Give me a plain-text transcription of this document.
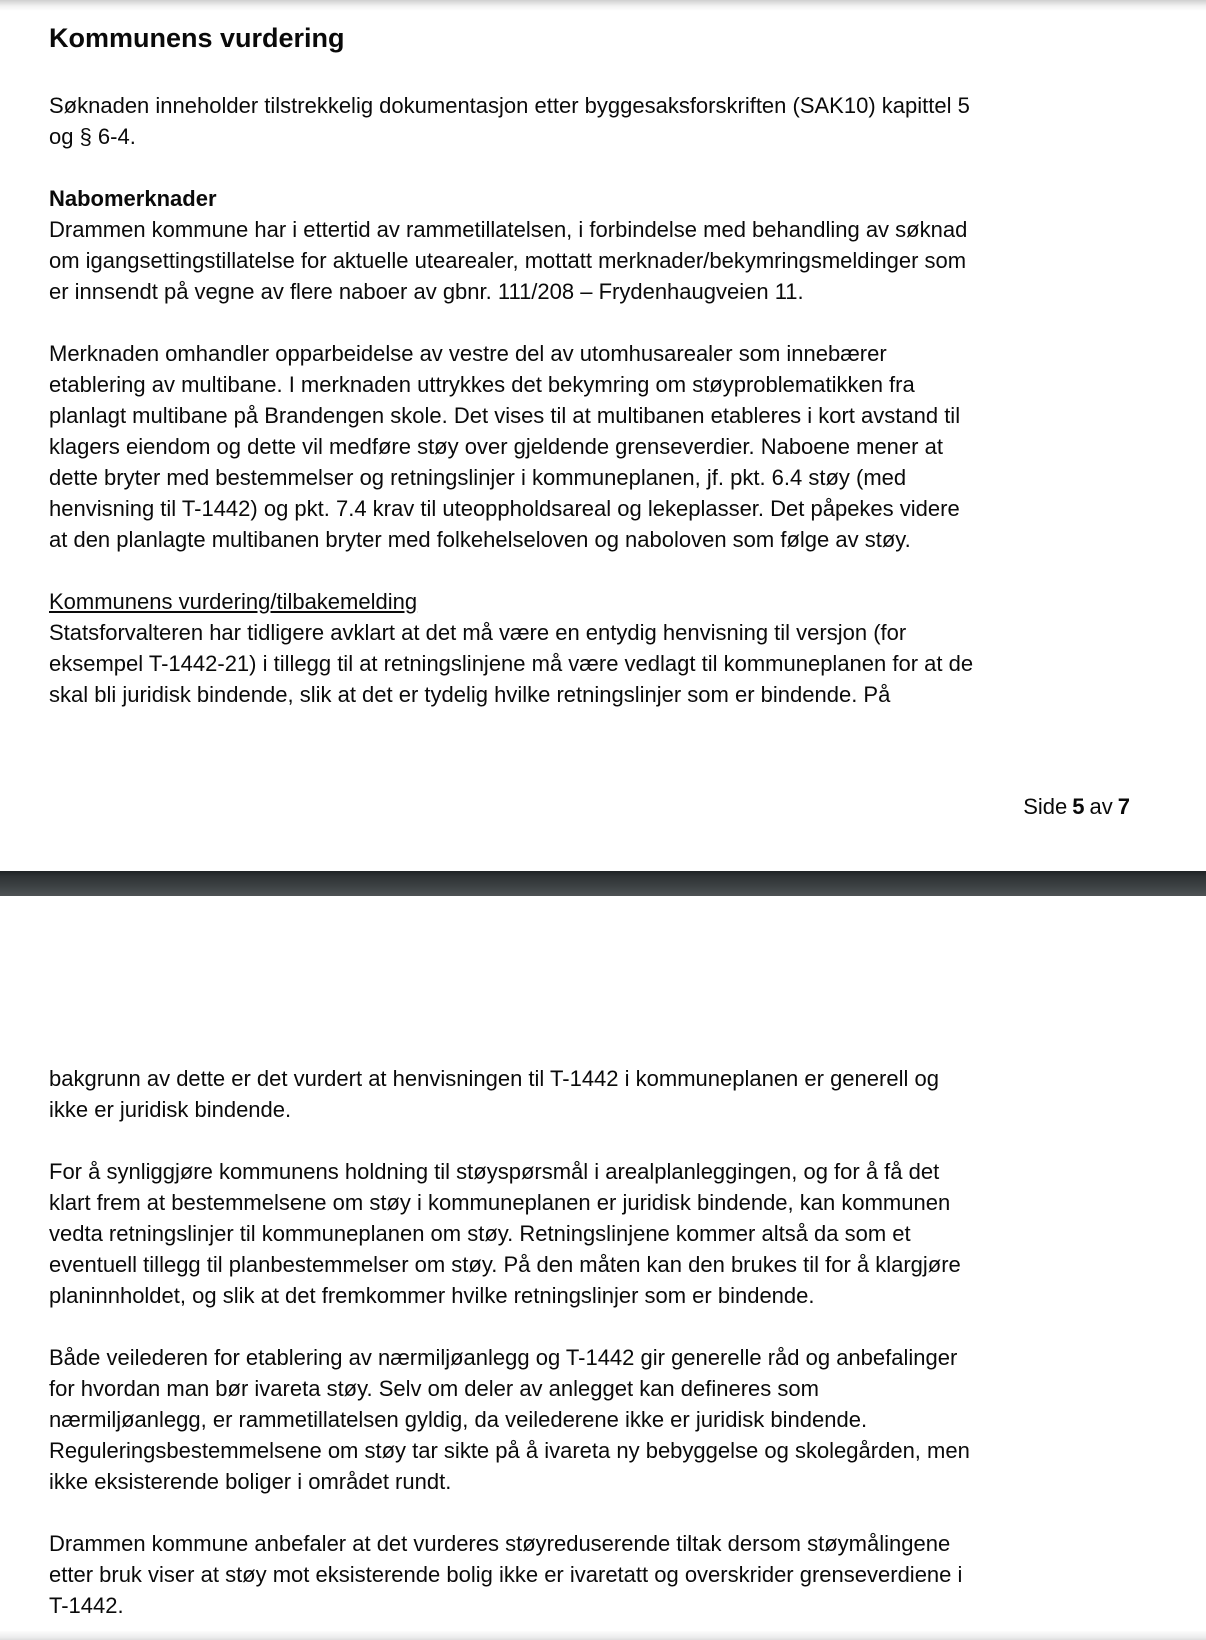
Kommunens vurdering
Søknaden inneholder tilstrekkelig dokumentasjon etter byggesaksforskriften (SAK10) kapittel 5
og § 6-4.
Nabomerknader
Drammen kommune har i ettertid av rammetillatelsen, i forbindelse med behandling av søknad
om igangsettingstillatelse for aktuelle utearealer, mottatt merknader/bekymringsmeldinger som
er innsendt på vegne av flere naboer av gbnr. 111/208 – Frydenhaugveien 11.
Merknaden omhandler opparbeidelse av vestre del av utomhusarealer som innebærer
etablering av multibane. I merknaden uttrykkes det bekymring om støyproblematikken fra
planlagt multibane på Brandengen skole. Det vises til at multibanen etableres i kort avstand til
klagers eiendom og dette vil medføre støy over gjeldende grenseverdier. Naboene mener at
dette bryter med bestemmelser og retningslinjer i kommuneplanen, jf. pkt. 6.4 støy (med
henvisning til T-1442) og pkt. 7.4 krav til uteoppholdsareal og lekeplasser. Det påpekes videre
at den planlagte multibanen bryter med folkehelseloven og naboloven som følge av støy.
Kommunens vurdering/tilbakemelding
Statsforvalteren har tidligere avklart at det må være en entydig henvisning til versjon (for
eksempel T-1442-21) i tillegg til at retningslinjene må være vedlagt til kommuneplanen for at de
skal bli juridisk bindende, slik at det er tydelig hvilke retningslinjer som er bindende. På
Side 5 av 7
bakgrunn av dette er det vurdert at henvisningen til T-1442 i kommuneplanen er generell og
ikke er juridisk bindende.
For å synliggjøre kommunens holdning til støyspørsmål i arealplanleggingen, og for å få det
klart frem at bestemmelsene om støy i kommuneplanen er juridisk bindende, kan kommunen
vedta retningslinjer til kommuneplanen om støy. Retningslinjene kommer altså da som et
eventuell tillegg til planbestemmelser om støy. På den måten kan den brukes til for å klargjøre
planinnholdet, og slik at det fremkommer hvilke retningslinjer som er bindende.
Både veilederen for etablering av nærmiljøanlegg og T-1442 gir generelle råd og anbefalinger
for hvordan man bør ivareta støy. Selv om deler av anlegget kan defineres som
nærmiljøanlegg, er rammetillatelsen gyldig, da veilederene ikke er juridisk bindende.
Reguleringsbestemmelsene om støy tar sikte på å ivareta ny bebyggelse og skolegården, men
ikke eksisterende boliger i området rundt.
Drammen kommune anbefaler at det vurderes støyreduserende tiltak dersom støymålingene
etter bruk viser at støy mot eksisterende bolig ikke er ivaretatt og overskrider grenseverdiene i
T-1442.
